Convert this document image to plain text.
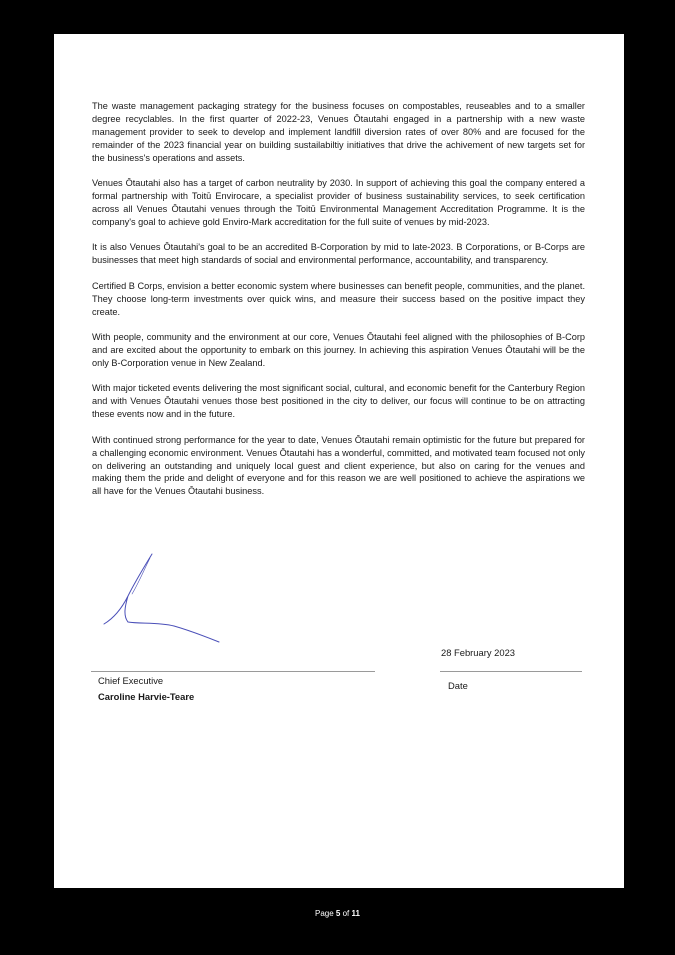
The waste management packaging strategy for the business focuses on compostables, reuseables and to a smaller degree recyclables. In the first quarter of 2022-23, Venues Ōtautahi engaged in a partnership with a new waste management provider to seek to develop and implement landfill diversion rates of over 80% and are focused for the remainder of the 2023 financial year on building sustailabiltiy initiatives that drive the achivement of new targets set for the business's operations and assets.

Venues Ōtautahi also has a target of carbon neutrality by 2030. In support of achieving this goal the company entered a formal partnership with Toitū Envirocare, a specialist provider of business sustainability services, to seek certification across all Venues Ōtautahi venues through the Toitū Environmental Management Accreditation Programme. It is the company's goal to achieve gold Enviro-Mark accreditation for the full suite of venues by mid-2023.

It is also Venues Ōtautahi's goal to be an accredited B-Corporation by mid to late-2023. B Corporations, or B-Corps are businesses that meet high standards of social and environmental performance, accountability, and transparency.

Certified B Corps, envision a better economic system where businesses can benefit people, communities, and the planet. They choose long-term investments over quick wins, and measure their success based on the positive impact they create.

With people, community and the environment at our core, Venues Ōtautahi feel aligned with the philosophies of B-Corp and are excited about the opportunity to embark on this journey. In achieving this aspiration Venues Ōtautahi will be the only B-Corporation venue in New Zealand.

With major ticketed events delivering the most significant social, cultural, and economic benefit for the Canterbury Region and with Venues Ōtautahi venues those best positioned in the city to deliver, our focus will continue to be on attracting these events now and in the future.

With continued strong performance for the year to date, Venues Ōtautahi remain optimistic for the future but prepared for a challenging economic environment. Venues Ōtautahi has a wonderful, committed, and motivated team focused not only on delivering an outstanding and uniquely local guest and client experience, but also on caring for the venues and making them the pride and delight of everyone and for this reason we are well positioned to achieve the aspirations we all have for the Venues Ōtautahi business.

28 February 2023
Chief Executive
Caroline Harvie-Teare
Date
Page 5 of 11
